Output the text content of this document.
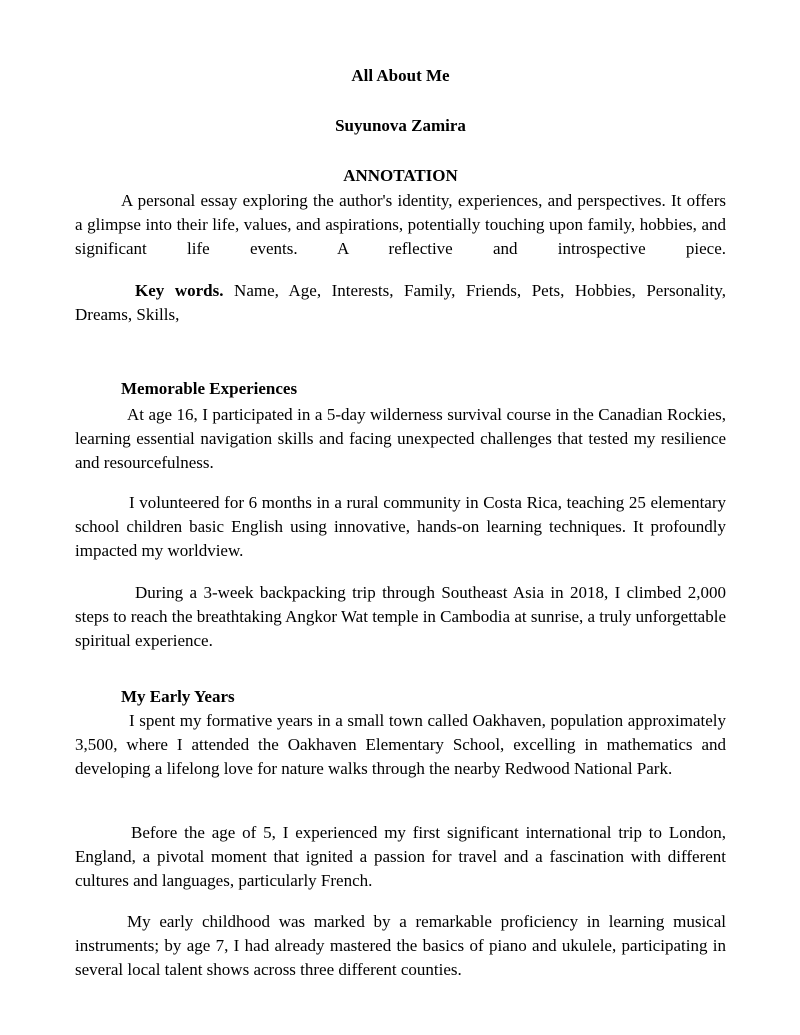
All About Me

Suyunova Zamira

ANNOTATION

A personal essay exploring the author's identity, experiences, and perspectives. It offers a glimpse into their life, values, and aspirations, potentially touching upon family, hobbies, and significant life events. A reflective and introspective piece.

Key words. Name, Age, Interests, Family, Friends, Pets, Hobbies, Personality, Dreams, Skills,

Memorable Experiences

At age 16, I participated in a 5-day wilderness survival course in the Canadian Rockies, learning essential navigation skills and facing unexpected challenges that tested my resilience and resourcefulness.

I volunteered for 6 months in a rural community in Costa Rica, teaching 25 elementary school children basic English using innovative, hands-on learning techniques. It profoundly impacted my worldview.

During a 3-week backpacking trip through Southeast Asia in 2018, I climbed 2,000 steps to reach the breathtaking Angkor Wat temple in Cambodia at sunrise, a truly unforgettable spiritual experience.

My Early Years

I spent my formative years in a small town called Oakhaven, population approximately 3,500, where I attended the Oakhaven Elementary School, excelling in mathematics and developing a lifelong love for nature walks through the nearby Redwood National Park.

Before the age of 5, I experienced my first significant international trip to London, England, a pivotal moment that ignited a passion for travel and a fascination with different cultures and languages, particularly French.

My early childhood was marked by a remarkable proficiency in learning musical instruments; by age 7, I had already mastered the basics of piano and ukulele, participating in several local talent shows across three different counties.
